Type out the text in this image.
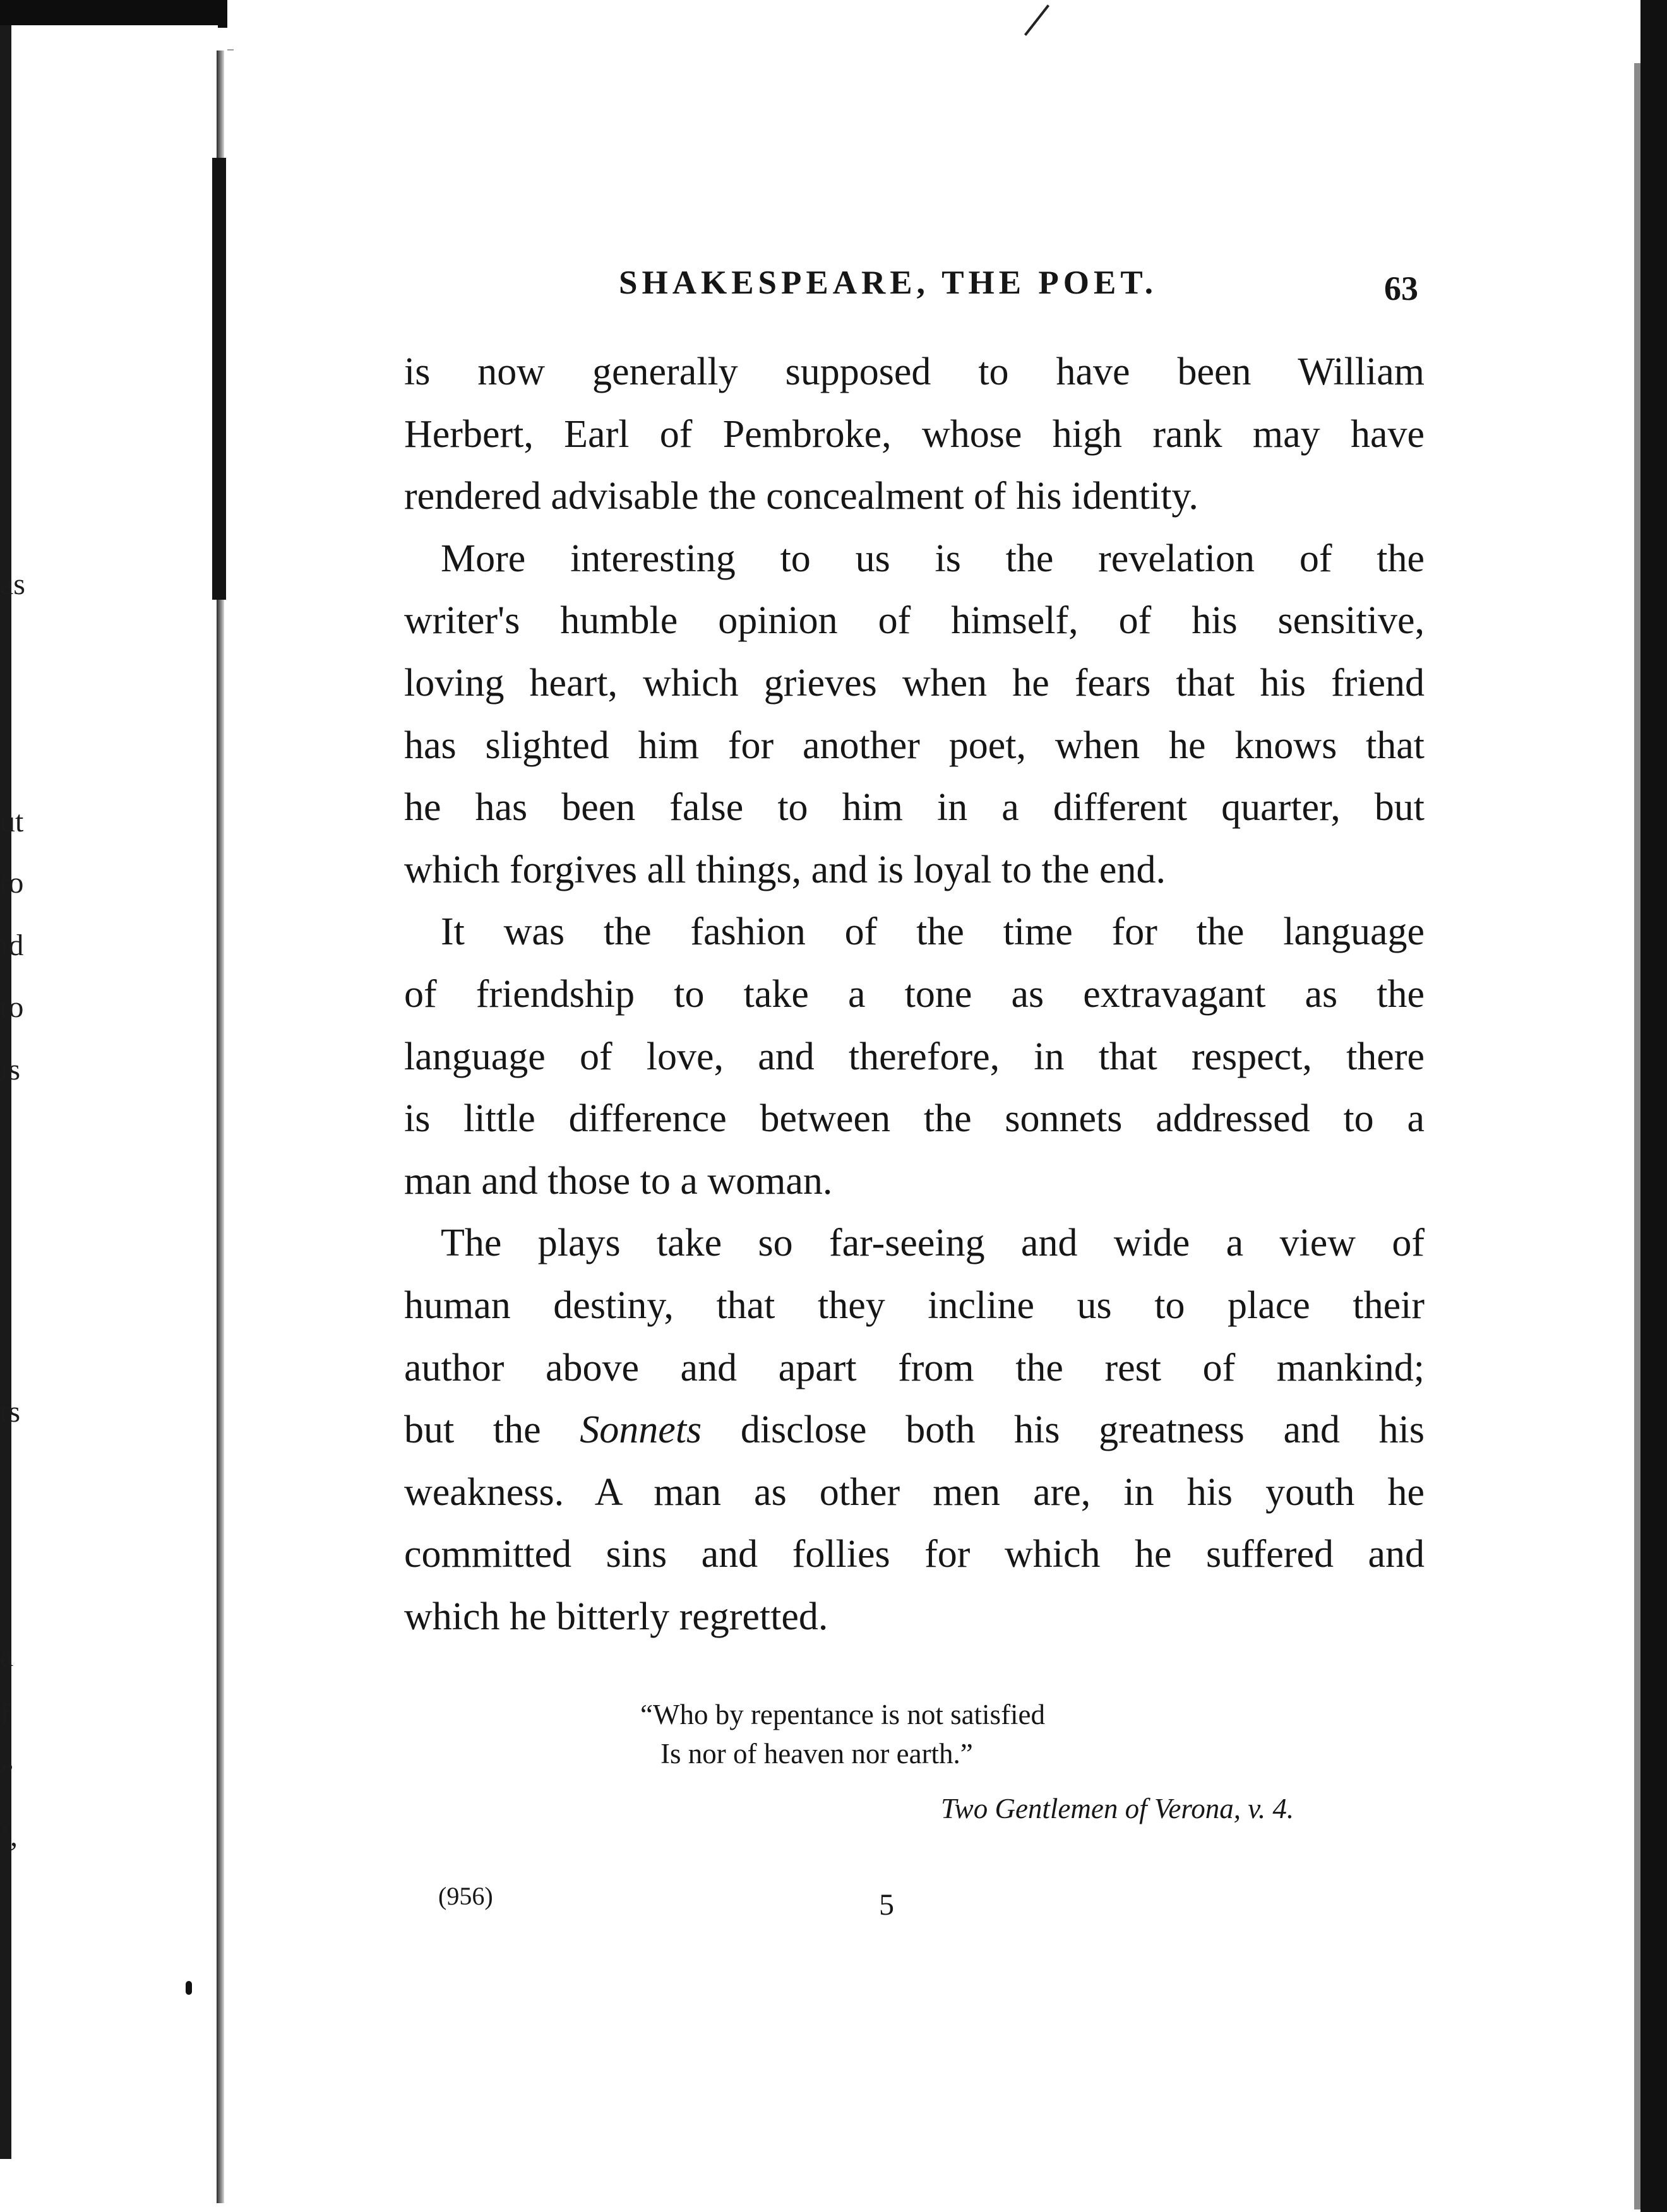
as
ut
to
ıd
to
ıs
ts
a
f
”
’,
SHAKESPEARE, THE POET.	63
is now generally supposed to have been William
Herbert, Earl of Pembroke, whose high rank may have
rendered advisable the concealment of his identity.
More interesting to us is the revelation of the
writer's humble opinion of himself, of his sensitive,
loving heart, which grieves when he fears that his friend
has slighted him for another poet, when he knows that
he has been false to him in a different quarter, but
which forgives all things, and is loyal to the end.
It was the fashion of the time for the language
of friendship to take a tone as extravagant as the
language of love, and therefore, in that respect, there
is little difference between the sonnets addressed to a
man and those to a woman.
The plays take so far-seeing and wide a view of
human destiny, that they incline us to place their
author above and apart from the rest of mankind;
but the Sonnets disclose both his greatness and his
weakness. A man as other men are, in his youth he
committed sins and follies for which he suffered and
which he bitterly regretted.
“Who by repentance is not satisfied
Is nor of heaven nor earth.”
Two Gentlemen of Verona, v. 4.
(956)	5
